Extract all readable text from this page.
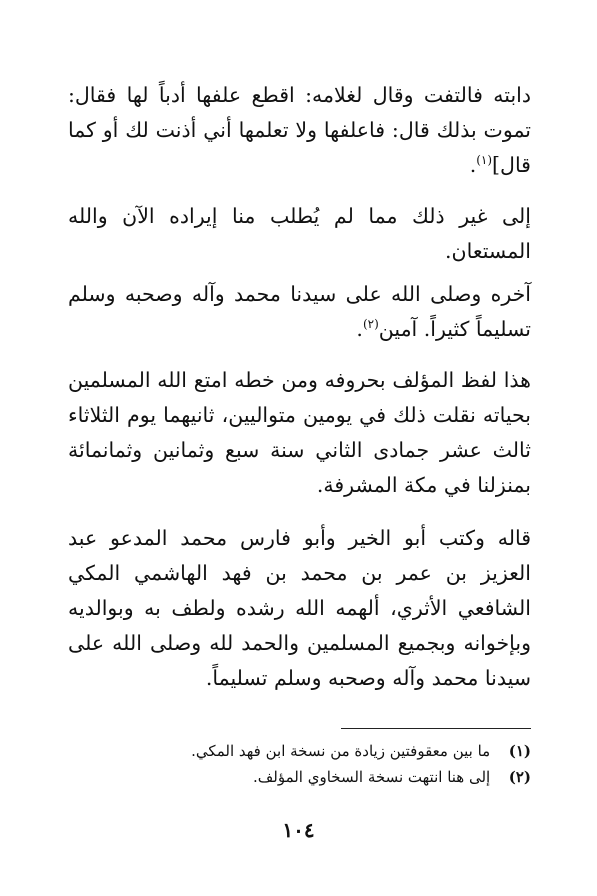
دابته فالتفت وقال لغلامه: اقطع علفها أدباً لها فقال: تموت بذلك قال: فاعلفها ولا تعلمها أني أذنت لك أو كما قال]$^{(١)}$.

إلى غير ذلك مما لم يُطلب منا إيراده الآن والله المستعان.

آخره وصلى الله على سيدنا محمد وآله وصحبه وسلم تسليماً كثيراً. آمين$^{(٢)}$.

هذا لفظ المؤلف بحروفه ومن خطه امتع الله المسلمين بحياته نقلت ذلك في يومين متواليين، ثانيهما يوم الثلاثاء ثالث عشر جمادى الثاني سنة سبع وثمانين وثمانمائة بمنزلنا في مكة المشرفة.

قاله وكتب أبو الخير وأبو فارس محمد المدعو عبد العزيز بن عمر بن محمد بن فهد الهاشمي المكي الشافعي الأثري، ألهمه الله رشده ولطف به وبوالديه وبإخوانه وبجميع المسلمين والحمد لله وصلى الله على سيدنا محمد وآله وصحبه وسلم تسليماً.

(١) ما بين معقوفتين زيادة من نسخة ابن فهد المكي.
(٢) إلى هنا انتهت نسخة السخاوي المؤلف.
١٠٤
